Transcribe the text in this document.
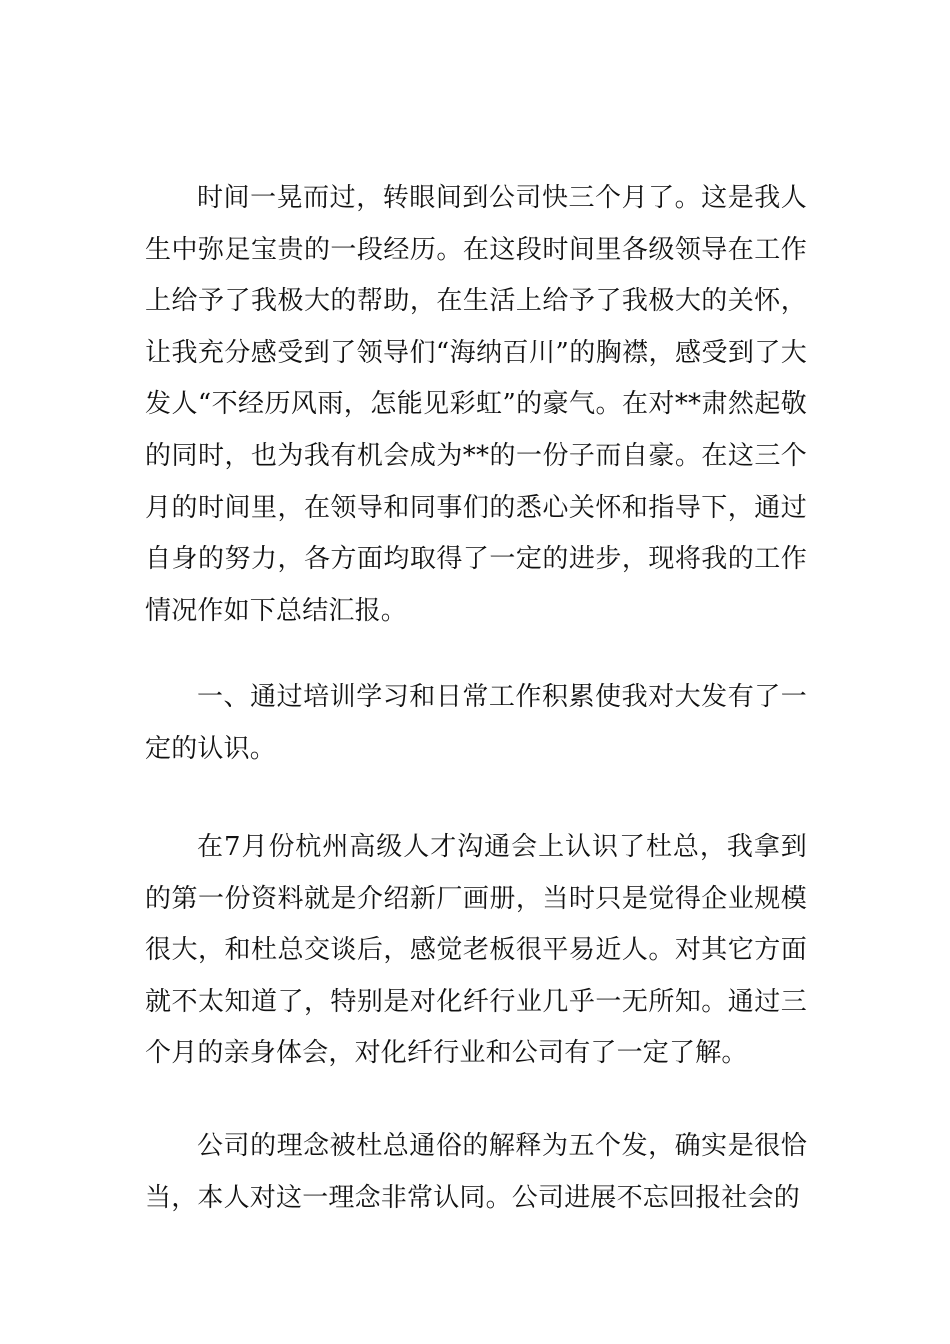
时间一晃而过，转眼间到公司快三个月了。这是我人生中弥足宝贵的一段经历。在这段时间里各级领导在工作上给予了我极大的帮助，在生活上给予了我极大的关怀，让我充分感受到了领导们“海纳百川”的胸襟，感受到了大发人“不经历风雨，怎能见彩虹”的豪气。在对**肃然起敬的同时，也为我有机会成为**的一份子而自豪。在这三个月的时间里，在领导和同事们的悉心关怀和指导下，通过自身的努力，各方面均取得了一定的进步，现将我的工作情况作如下总结汇报。

一、通过培训学习和日常工作积累使我对大发有了一定的认识。

在7月份杭州高级人才沟通会上认识了杜总，我拿到的第一份资料就是介绍新厂画册，当时只是觉得企业规模很大，和杜总交谈后，感觉老板很平易近人。对其它方面就不太知道了，特别是对化纤行业几乎一无所知。通过三个月的亲身体会，对化纤行业和公司有了一定了解。

公司的理念被杜总通俗的解释为五个发，确实是很恰当，本人对这一理念非常认同。公司进展不忘回报社会的
